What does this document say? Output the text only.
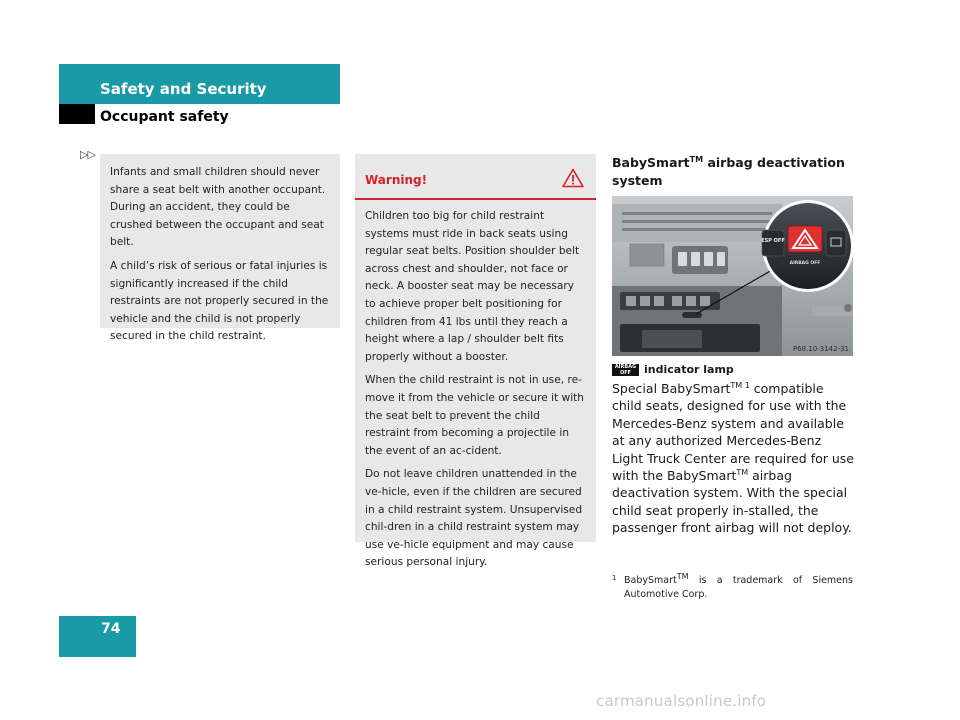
Safety and Security
Occupant safety
▷▷

Infants and small children should never share a seat belt with another occupant. During an accident, they could be crushed between the occupant and seat belt.

A child’s risk of serious or fatal injuries is significantly increased if the child restraints are not properly secured in the vehicle and the child is not properly secured in the child restraint.

Warning!

Children too big for child restraint systems must ride in back seats using regular seat belts. Position shoulder belt across chest and shoulder, not face or neck. A booster seat may be necessary to achieve proper belt positioning for children from 41 lbs until they reach a height where a lap / shoulder belt fits properly without a booster.

When the child restraint is not in use, re-move it from the vehicle or secure it with the seat belt to prevent the child restraint from becoming a projectile in the event of an ac-cident.

Do not leave children unattended in the ve-hicle, even if the children are secured in a child restraint system. Unsupervised chil-dren in a child restraint system may use ve-hicle equipment and may cause serious personal injury.

BabySmart™ airbag deactivation system

ESP OFF
AIRBAG OFF
P68.10-3142-31
AIRBAG
OFF	indicator lamp

Special BabySmart$^{TM 1}$ compatible child seats, designed for use with the Mercedes-Benz system and available at any authorized Mercedes-Benz Light Truck Center are required for use with the BabySmart™ airbag deactivation system. With the special child seat properly in-stalled, the passenger front airbag will not deploy.

1 BabySmart™ is a trademark of Siemens Automotive Corp.

74
carmanualsonline.info
